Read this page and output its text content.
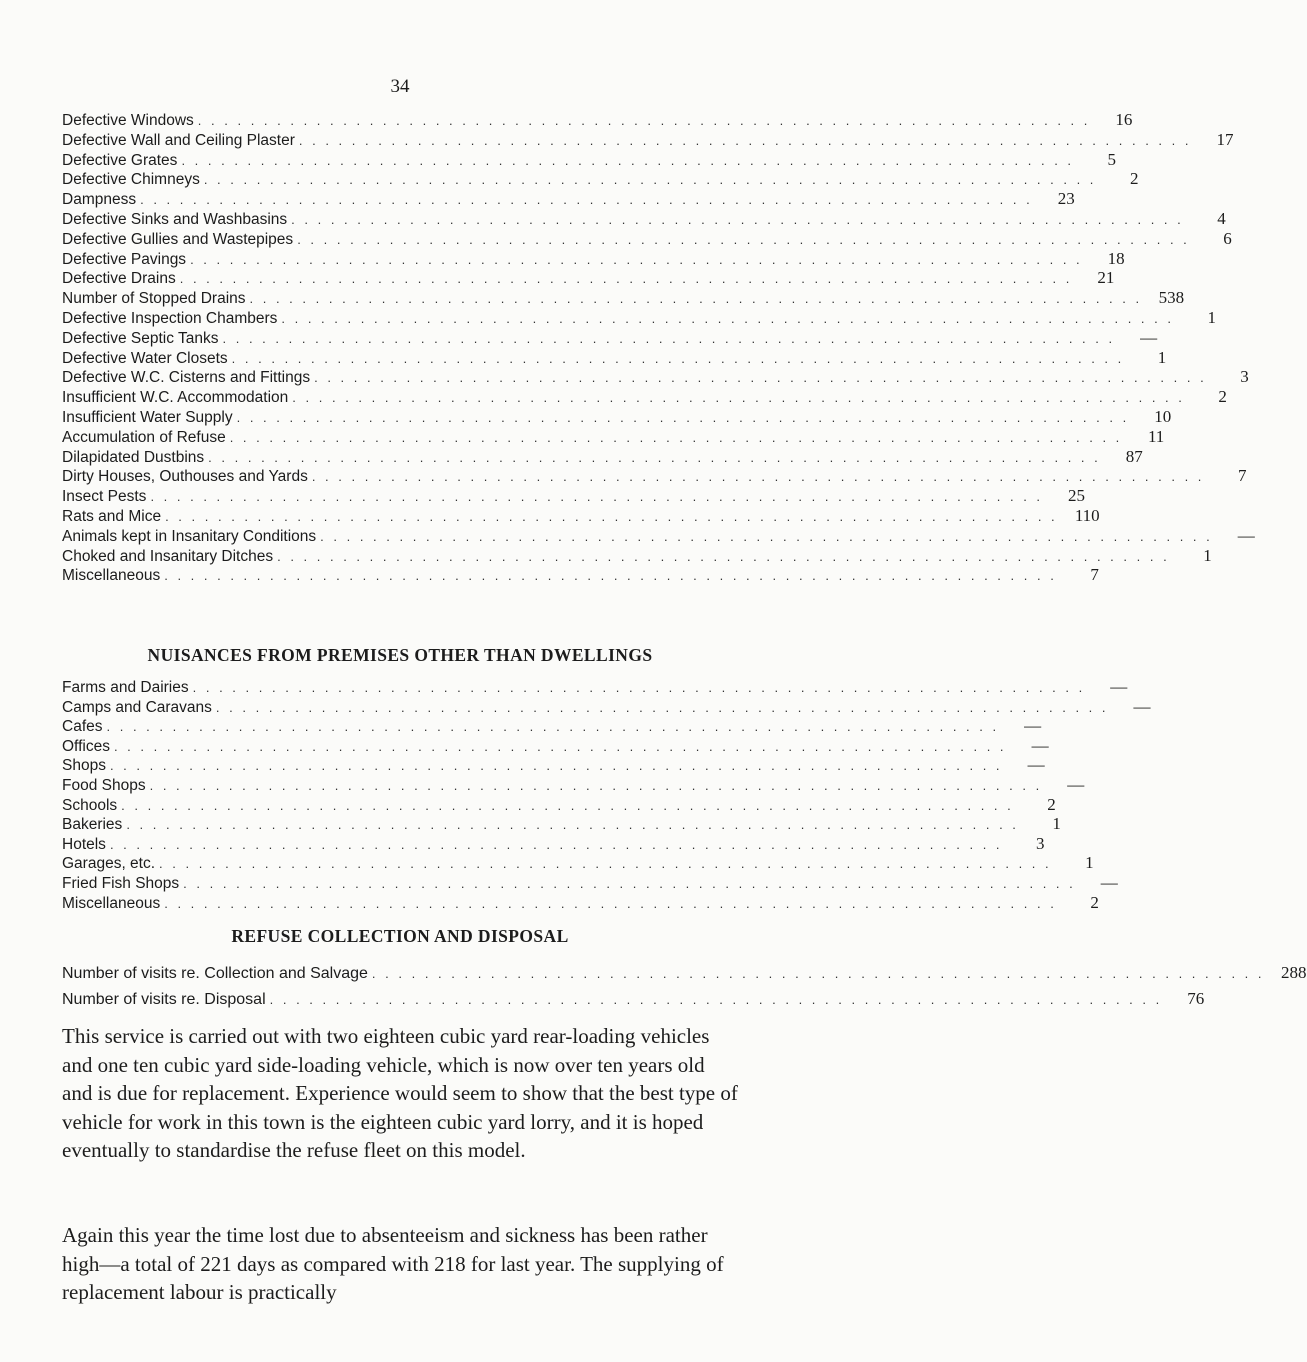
34
Defective Windows . . . . . . . . . . . . . . . . . . . . . . . . . . . . . . . . . . . . . . . . . . . . . . . . . . . . . . . . . . . . . . . . . . . .	16
Defective Wall and Ceiling Plaster . . . . . . . . . . . . . . . . . . . . . . . . . . . . . . . . . . . . . . . . . . . . . . . . . . . . . . . . . . . . . . . . . . . .	17
Defective Grates . . . . . . . . . . . . . . . . . . . . . . . . . . . . . . . . . . . . . . . . . . . . . . . . . . . . . . . . . . . . . . . . . . . .	5
Defective Chimneys . . . . . . . . . . . . . . . . . . . . . . . . . . . . . . . . . . . . . . . . . . . . . . . . . . . . . . . . . . . . . . . . . . . .	2
Dampness . . . . . . . . . . . . . . . . . . . . . . . . . . . . . . . . . . . . . . . . . . . . . . . . . . . . . . . . . . . . . . . . . . . .	23
Defective Sinks and Washbasins . . . . . . . . . . . . . . . . . . . . . . . . . . . . . . . . . . . . . . . . . . . . . . . . . . . . . . . . . . . . . . . . . . . .	4
Defective Gullies and Wastepipes . . . . . . . . . . . . . . . . . . . . . . . . . . . . . . . . . . . . . . . . . . . . . . . . . . . . . . . . . . . . . . . . . . . .	6
Defective Pavings . . . . . . . . . . . . . . . . . . . . . . . . . . . . . . . . . . . . . . . . . . . . . . . . . . . . . . . . . . . . . . . . . . . .	18
Defective Drains . . . . . . . . . . . . . . . . . . . . . . . . . . . . . . . . . . . . . . . . . . . . . . . . . . . . . . . . . . . . . . . . . . . .	21
Number of Stopped Drains . . . . . . . . . . . . . . . . . . . . . . . . . . . . . . . . . . . . . . . . . . . . . . . . . . . . . . . . . . . . . . . . . . . . 538
Defective Inspection Chambers . . . . . . . . . . . . . . . . . . . . . . . . . . . . . . . . . . . . . . . . . . . . . . . . . . . . . . . . . . . . . . . . . . . .	1
Defective Septic Tanks . . . . . . . . . . . . . . . . . . . . . . . . . . . . . . . . . . . . . . . . . . . . . . . . . . . . . . . . . . . . . . . . . . . .	—
Defective Water Closets . . . . . . . . . . . . . . . . . . . . . . . . . . . . . . . . . . . . . . . . . . . . . . . . . . . . . . . . . . . . . . . . . . . .	1
Defective W.C. Cisterns and Fittings . . . . . . . . . . . . . . . . . . . . . . . . . . . . . . . . . . . . . . . . . . . . . . . . . . . . . . . . . . . . . . . . . . . .	3
Insufficient W.C. Accommodation . . . . . . . . . . . . . . . . . . . . . . . . . . . . . . . . . . . . . . . . . . . . . . . . . . . . . . . . . . . . . . . . . . . .	2
Insufficient Water Supply . . . . . . . . . . . . . . . . . . . . . . . . . . . . . . . . . . . . . . . . . . . . . . . . . . . . . . . . . . . . . . . . . . . .	10
Accumulation of Refuse . . . . . . . . . . . . . . . . . . . . . . . . . . . . . . . . . . . . . . . . . . . . . . . . . . . . . . . . . . . . . . . . . . . .	11
Dilapidated Dustbins . . . . . . . . . . . . . . . . . . . . . . . . . . . . . . . . . . . . . . . . . . . . . . . . . . . . . . . . . . . . . . . . . . . .	87
Dirty Houses, Outhouses and Yards . . . . . . . . . . . . . . . . . . . . . . . . . . . . . . . . . . . . . . . . . . . . . . . . . . . . . . . . . . . . . . . . . . . .	7
Insect Pests . . . . . . . . . . . . . . . . . . . . . . . . . . . . . . . . . . . . . . . . . . . . . . . . . . . . . . . . . . . . . . . . . . . .	25
Rats and Mice . . . . . . . . . . . . . . . . . . . . . . . . . . . . . . . . . . . . . . . . . . . . . . . . . . . . . . . . . . . . . . . . . . . .	110
Animals kept in Insanitary Conditions . . . . . . . . . . . . . . . . . . . . . . . . . . . . . . . . . . . . . . . . . . . . . . . . . . . . . . . . . . . . . . . . . . . .	—
Choked and Insanitary Ditches . . . . . . . . . . . . . . . . . . . . . . . . . . . . . . . . . . . . . . . . . . . . . . . . . . . . . . . . . . . . . . . . . . . .	1
Miscellaneous . . . . . . . . . . . . . . . . . . . . . . . . . . . . . . . . . . . . . . . . . . . . . . . . . . . . . . . . . . . . . . . . . . . .	7
NUISANCES FROM PREMISES OTHER THAN DWELLINGS
Farms and Dairies . . . . . . . . . . . . . . . . . . . . . . . . . . . . . . . . . . . . . . . . . . . . . . . . . . . . . . . . . . . . . . . . . . . .	—
Camps and Caravans . . . . . . . . . . . . . . . . . . . . . . . . . . . . . . . . . . . . . . . . . . . . . . . . . . . . . . . . . . . . . . . . . . . .	—
Cafes . . . . . . . . . . . . . . . . . . . . . . . . . . . . . . . . . . . . . . . . . . . . . . . . . . . . . . . . . . . . . . . . . . . .	—
Offices . . . . . . . . . . . . . . . . . . . . . . . . . . . . . . . . . . . . . . . . . . . . . . . . . . . . . . . . . . . . . . . . . . . .	—
Shops . . . . . . . . . . . . . . . . . . . . . . . . . . . . . . . . . . . . . . . . . . . . . . . . . . . . . . . . . . . . . . . . . . . .	—
Food Shops . . . . . . . . . . . . . . . . . . . . . . . . . . . . . . . . . . . . . . . . . . . . . . . . . . . . . . . . . . . . . . . . . . . .	—
Schools . . . . . . . . . . . . . . . . . . . . . . . . . . . . . . . . . . . . . . . . . . . . . . . . . . . . . . . . . . . . . . . . . . . .	2
Bakeries . . . . . . . . . . . . . . . . . . . . . . . . . . . . . . . . . . . . . . . . . . . . . . . . . . . . . . . . . . . . . . . . . . . .	1
Hotels . . . . . . . . . . . . . . . . . . . . . . . . . . . . . . . . . . . . . . . . . . . . . . . . . . . . . . . . . . . . . . . . . . . .	3
Garages, etc. . . . . . . . . . . . . . . . . . . . . . . . . . . . . . . . . . . . . . . . . . . . . . . . . . . . . . . . . . . . . . . . . . . . .	1
Fried Fish Shops . . . . . . . . . . . . . . . . . . . . . . . . . . . . . . . . . . . . . . . . . . . . . . . . . . . . . . . . . . . . . . . . . . . .	—
Miscellaneous . . . . . . . . . . . . . . . . . . . . . . . . . . . . . . . . . . . . . . . . . . . . . . . . . . . . . . . . . . . . . . . . . . . .	2
REFUSE COLLECTION AND DISPOSAL
Number of visits re. Collection and Salvage . . . . . . . . . . . . . . . . . . . . . . . . . . . . . . . . . . . . . . . . . . . . . . . . . . . . . . . . . . . . . . . . . . . . 288
Number of visits re. Disposal . . . . . . . . . . . . . . . . . . . . . . . . . . . . . . . . . . . . . . . . . . . . . . . . . . . . . . . . . . . . . . . . . . . .	76

This service is carried out with two eighteen cubic yard rear-loading vehicles and one ten cubic yard side-loading vehicle, which is now over ten years old and is due for replacement. Experience would seem to show that the best type of vehicle for work in this town is the eighteen cubic yard lorry, and it is hoped eventually to standardise the refuse fleet on this model.

Again this year the time lost due to absenteeism and sickness has been rather high—a total of 221 days as compared with 218 for last year. The supplying of replacement labour is practically
